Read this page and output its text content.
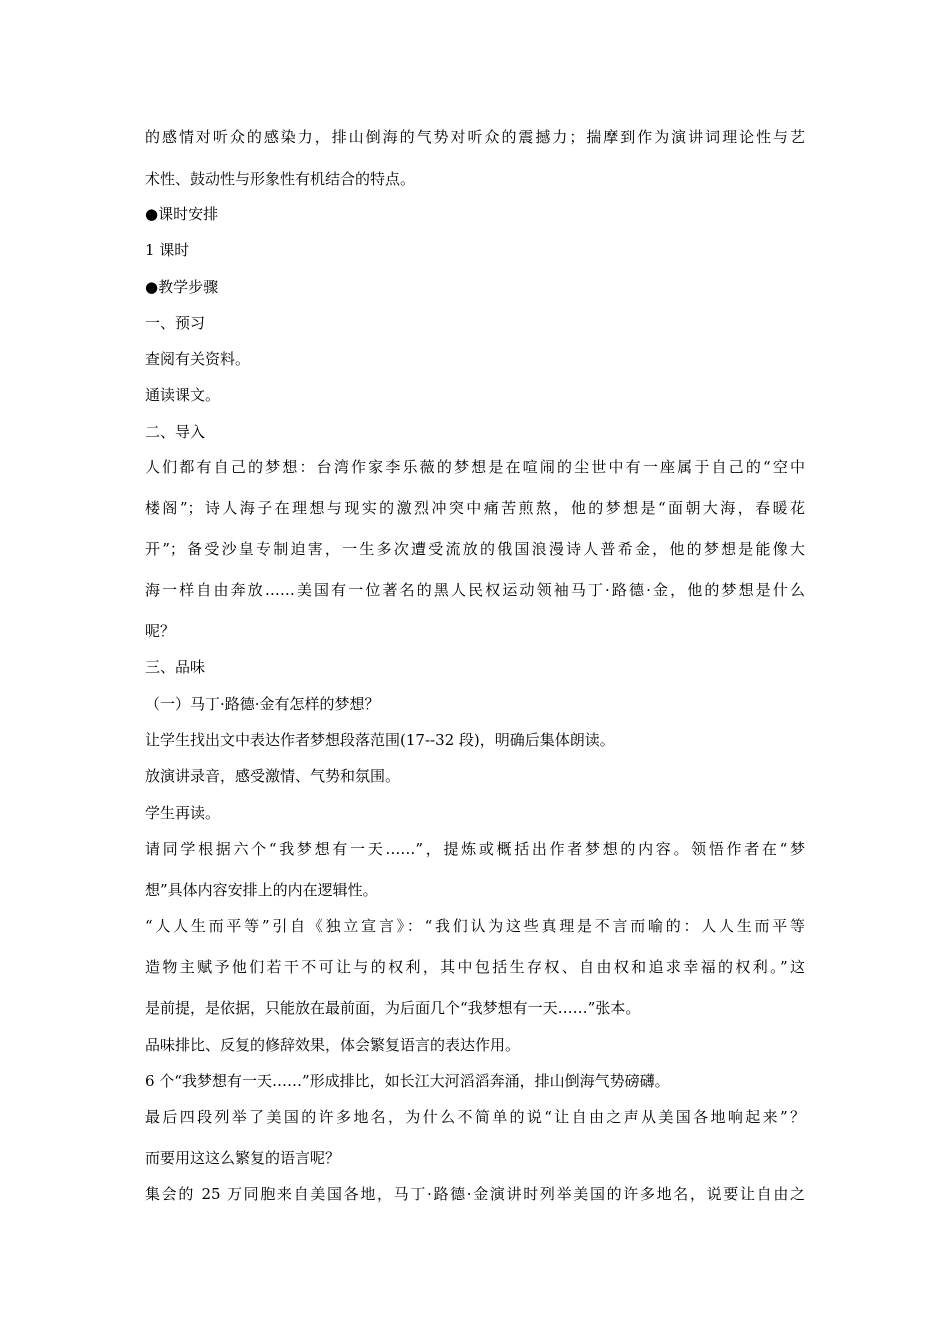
的感情对听众的感染力，排山倒海的气势对听众的震撼力；揣摩到作为演讲词理论性与艺
术性、鼓动性与形象性有机结合的特点。
●课时安排
1 课时
●教学步骤
一、预习
查阅有关资料。
通读课文。
二、导入
人们都有自己的梦想：台湾作家李乐薇的梦想是在喧闹的尘世中有一座属于自己的“空中
楼阁”；诗人海子在理想与现实的激烈冲突中痛苦煎熬，他的梦想是“面朝大海，春暖花
开”；备受沙皇专制迫害，一生多次遭受流放的俄国浪漫诗人普希金，他的梦想是能像大
海一样自由奔放……美国有一位著名的黑人民权运动领袖马丁·路德·金，他的梦想是什么
呢？
三、品味
（一）马丁·路德·金有怎样的梦想？
让学生找出文中表达作者梦想段落范围(17--32 段)，明确后集体朗读。
放演讲录音，感受激情、气势和氛围。
学生再读。
请同学根据六个“我梦想有一天……”，提炼或概括出作者梦想的内容。领悟作者在“梦
想”具体内容安排上的内在逻辑性。
“人人生而平等”引自《独立宣言》：“我们认为这些真理是不言而喻的：人人生而平等
造物主赋予他们若干不可让与的权利，其中包括生存权、自由权和追求幸福的权利。”这
是前提，是依据，只能放在最前面，为后面几个“我梦想有一天……”张本。
品味排比、反复的修辞效果，体会繁复语言的表达作用。
6 个“我梦想有一天……”形成排比，如长江大河滔滔奔涌，排山倒海气势磅礴。
最后四段列举了美国的许多地名，为什么不简单的说“让自由之声从美国各地响起来”？
而要用这这么繁复的语言呢？
集会的 25 万同胞来自美国各地，马丁·路德·金演讲时列举美国的许多地名，说要让自由之
